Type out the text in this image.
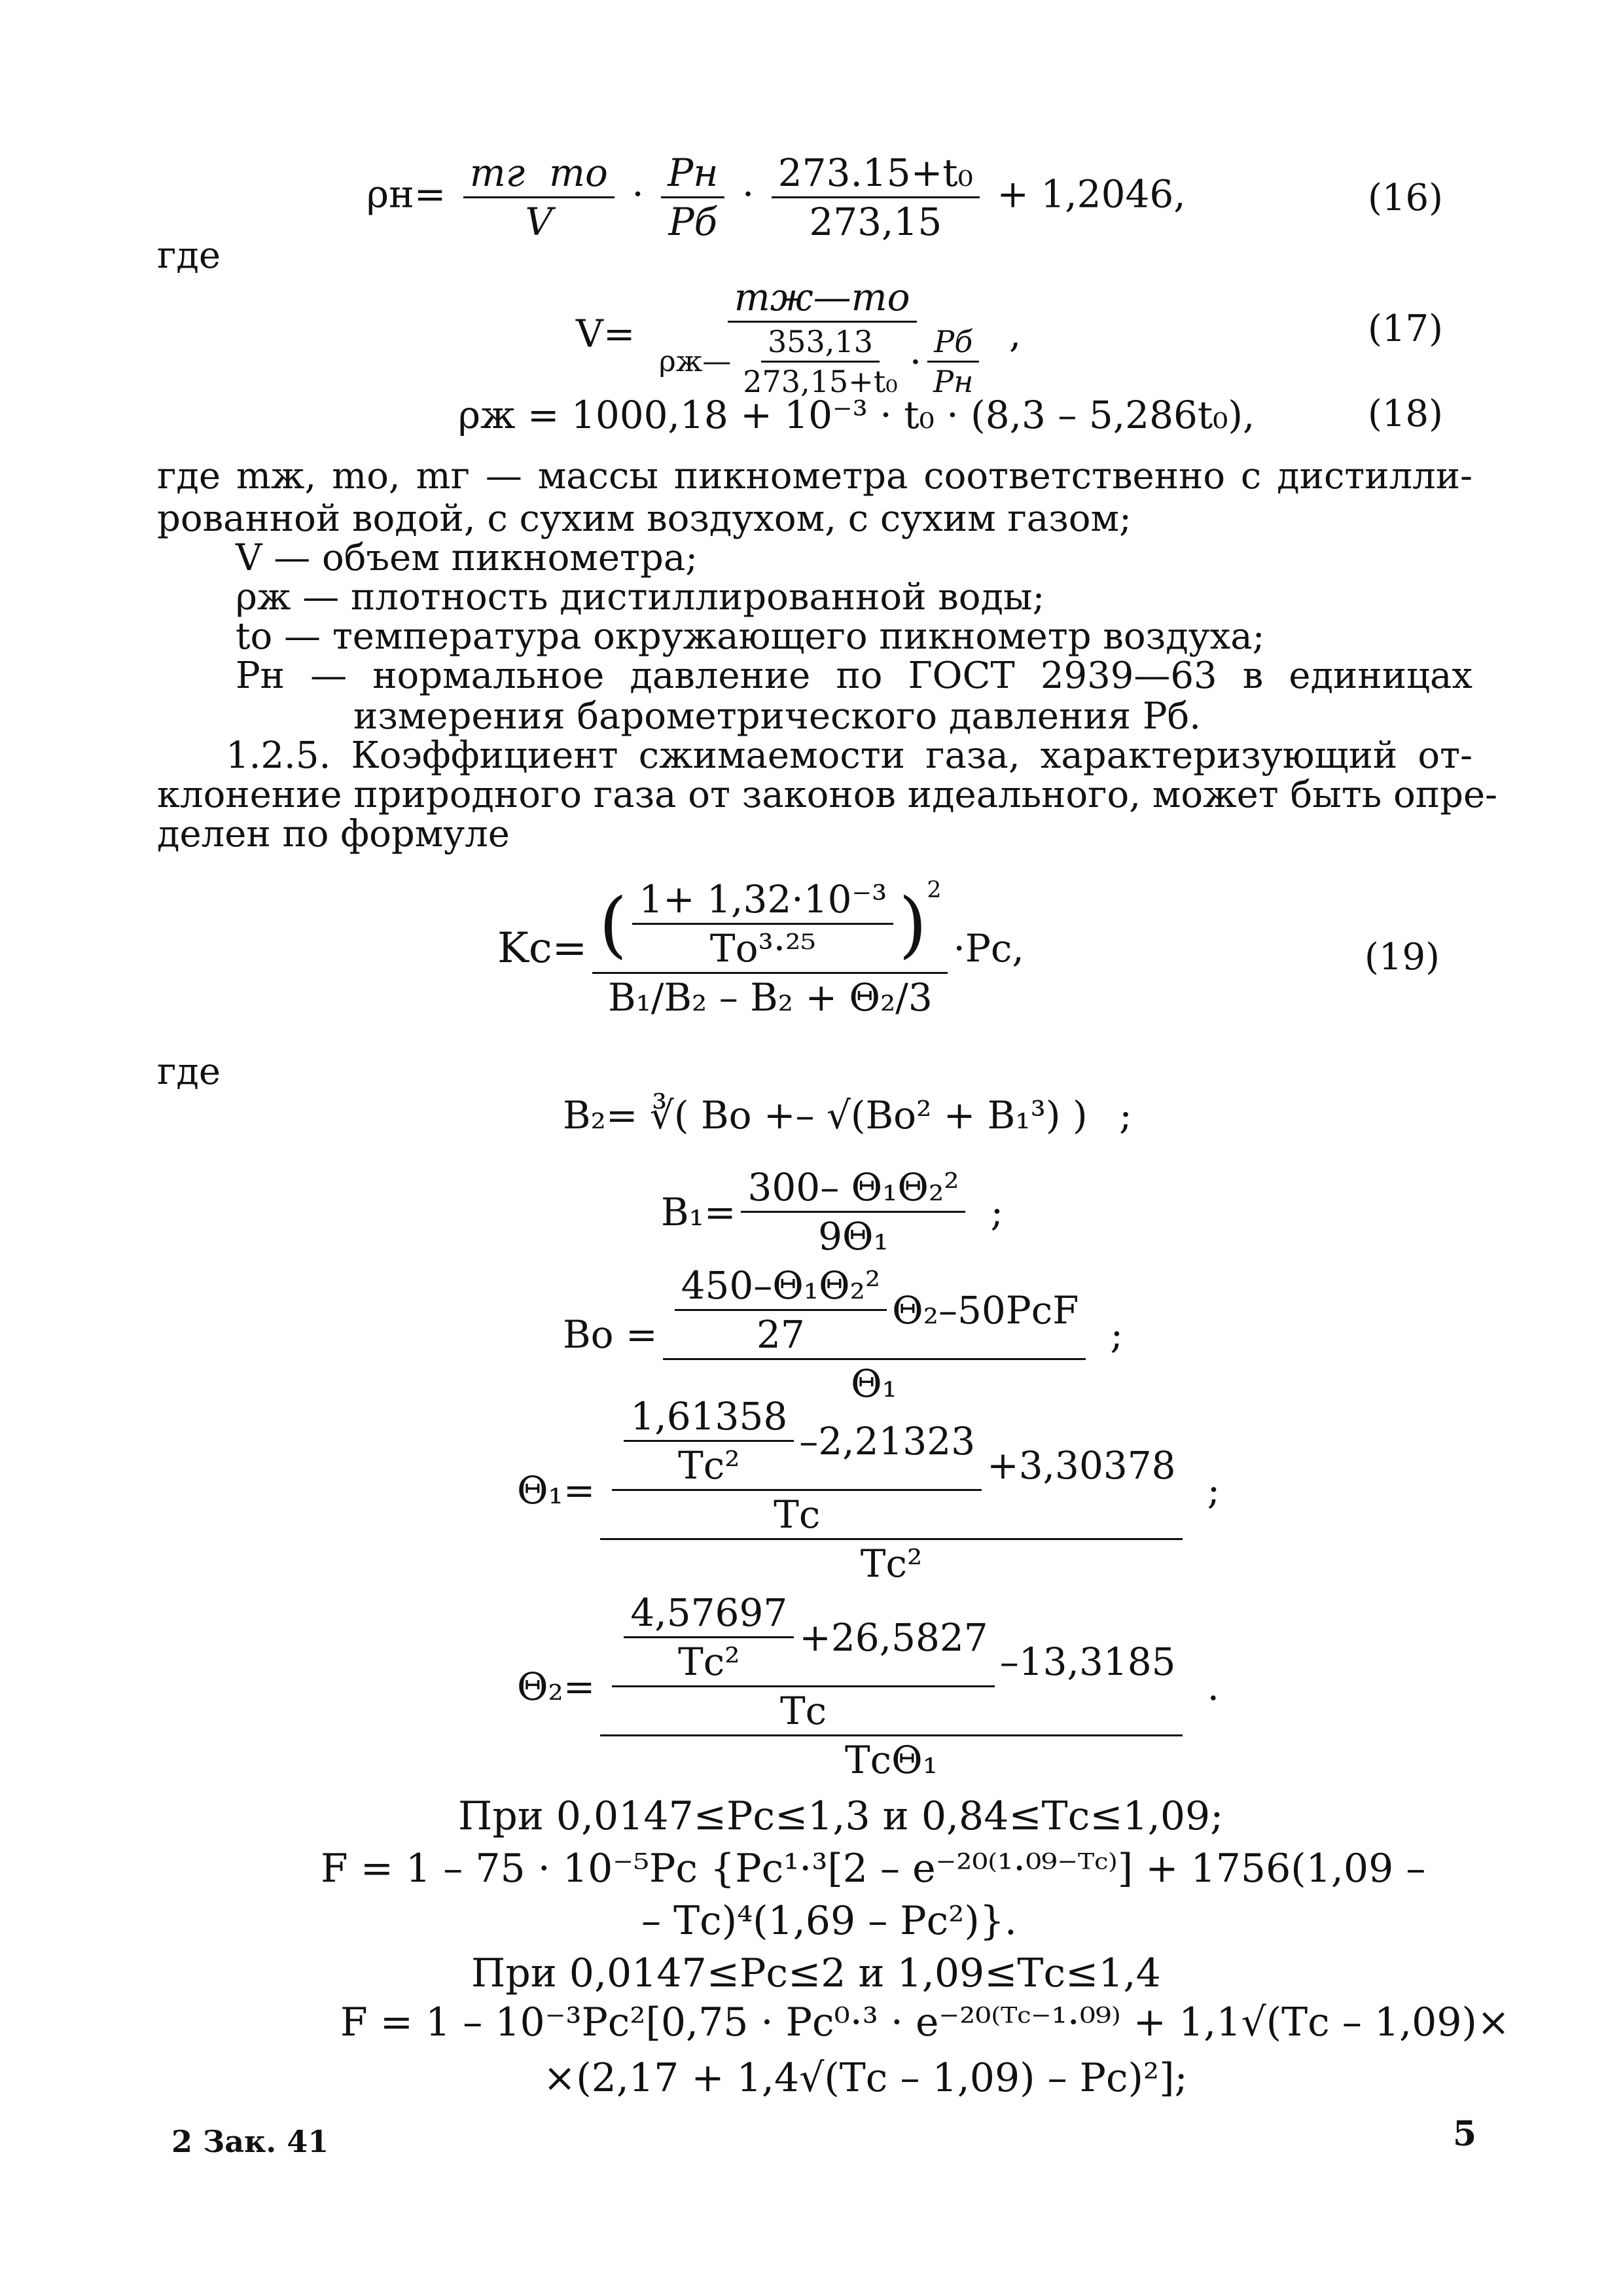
$\rho н= \frac{\text{mг mо}}{V} \cdot \frac{Pн}{Pб} \cdot \frac{\text{273.15+t₀}}{273,15} + 1,2046$,	(16)
где
V=
mж—mо
ρж— $\frac{353,13}{\text{273,15+t₀}} \cdot \frac{Pб}{Pн}$ ,	(17)
ρж = 1000,18 + 10⁻³ · t₀ · (8,3 – 5,286t₀),	(18)
где mж, mо, mг — массы пикнометра соответственно с дистилли-
рованной водой, с сухим воздухом, с сухим газом;
V — объем пикнометра;
ρж — плотность дистиллированной воды;
tо — температура окружающего пикнометр воздуха;
Pн — нормальное давление по ГОСТ 2939—63 в единицах
измерения барометрического давления Pб.
1.2.5. Коэффициент сжимаемости газа, характеризующий от-
клонение природного газа от законов идеального, может быть опре-
делен по формуле
Kс= ( $\frac{\text{1+ 1,32·10⁻³}}{\text{Tо³·²⁵}} )^2$
B₁/B₂ – B₂ + Θ₂/3
·Pс,	(19)
где
B₂= ∛( Bо +– √(Bо² + B₁³) ) ;
$B_1= \frac{\text{300– Θ₁Θ₂²}}{\text{9Θ₁}}$ ;
Bо = $\frac{\frac{\text{450–Θ₁Θ₂²}}{27} \Theta_2-50PсF}{\text{Θ₁}}$ ;
$\Theta_1= \frac{\frac{1,61358}{\text{Tс²}} -2,21323}{Tс} +3,30378$
Tс²
;
$\Theta_2= \frac{\frac{4,57697}{\text{Tс²}} +26,5827}{Tс} -13,3185$
TсΘ₁
.
При 0,0147≤Pс≤1,3 и 0,84≤Tс≤1,09;
F = 1 – 75 · 10⁻⁵Pс {Pс¹·³[2 – e⁻²⁰⁽¹·⁰⁹⁻ᵀᶜ⁾] + 1756(1,09 –
– Tс)⁴(1,69 – Pс²)}.
При 0,0147≤Pс≤2 и 1,09≤Tс≤1,4
F = 1 – 10⁻³Pс²[0,75 · Pс⁰·³ · e⁻²⁰⁽ᵀᶜ⁻¹·⁰⁹⁾ + 1,1√(Tс – 1,09)×
×(2,17 + 1,4√(Tс – 1,09) – Pс)²];
5
2 Зак. 41
